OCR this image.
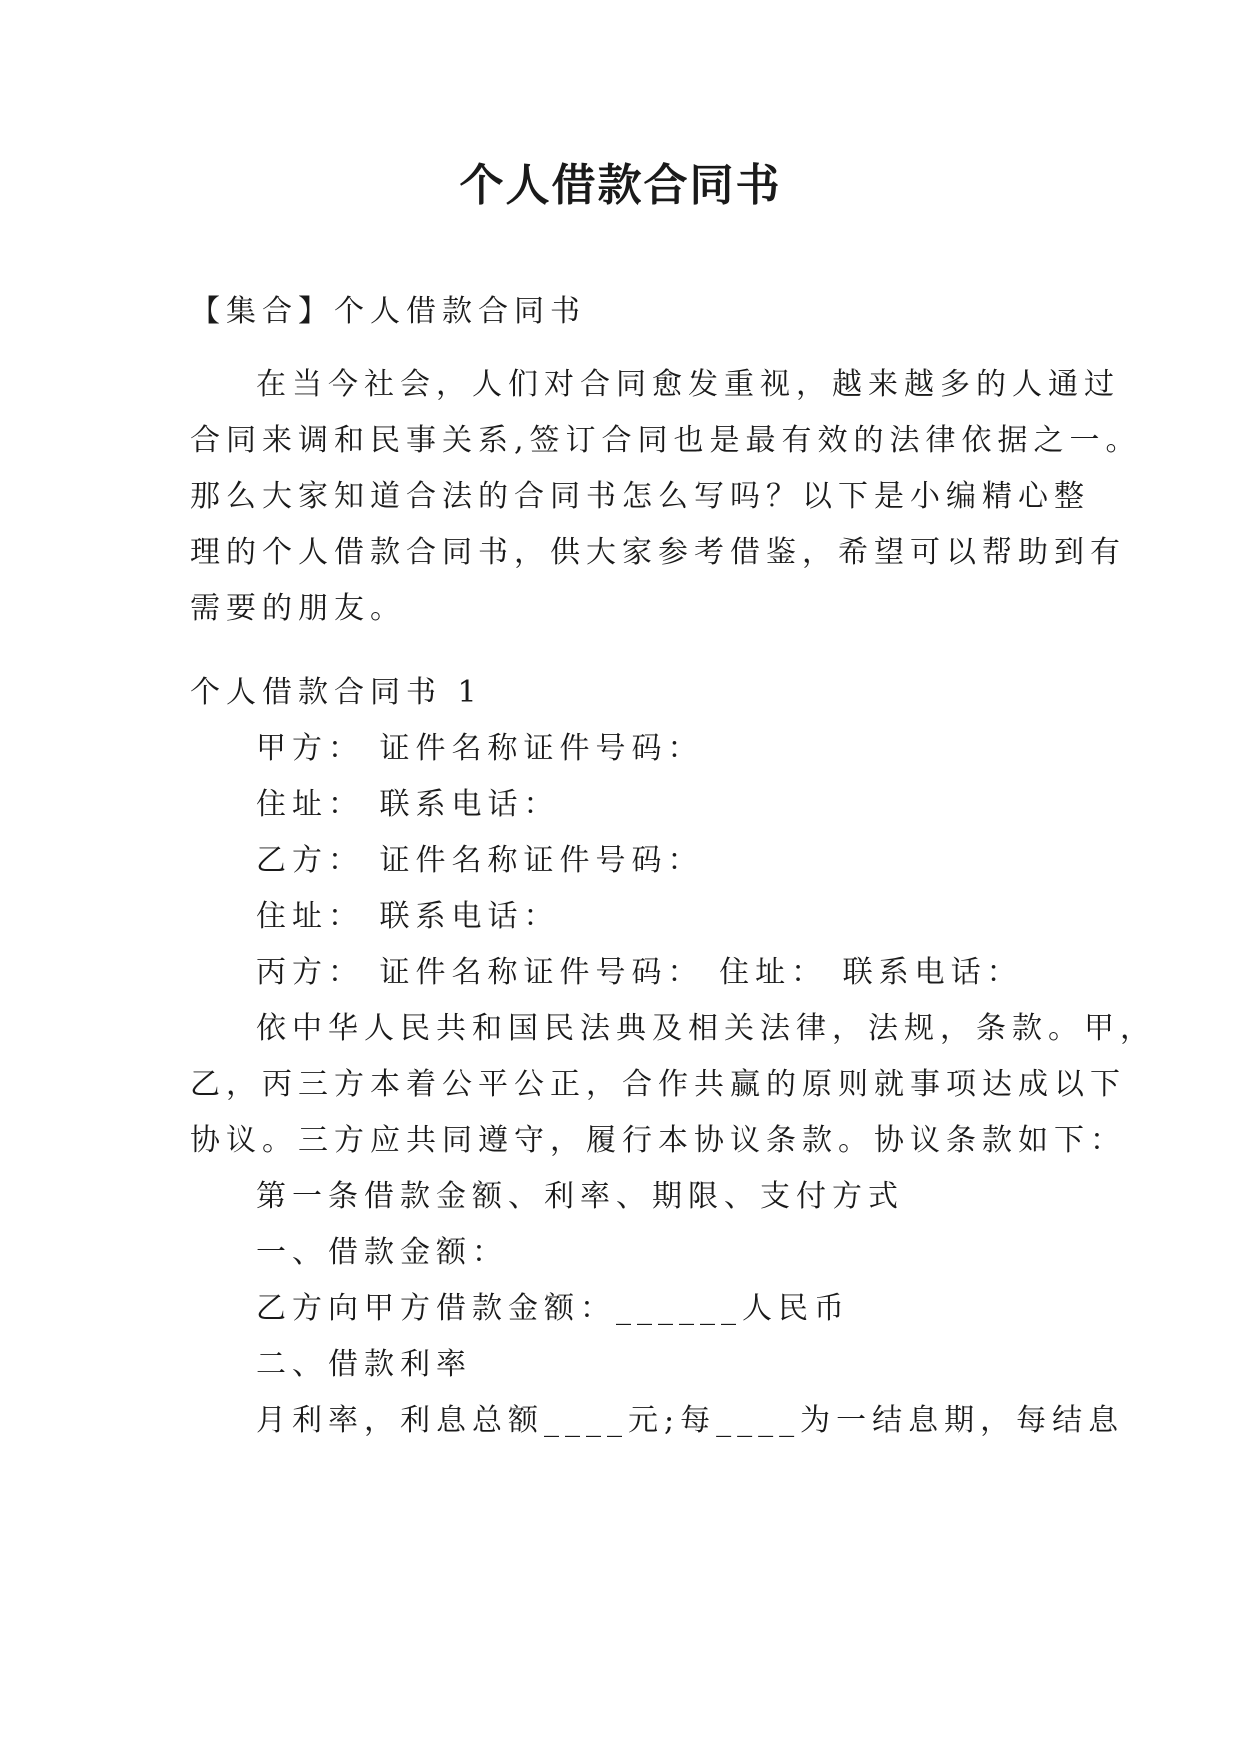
个人借款合同书
【集合】个人借款合同书
在当今社会，人们对合同愈发重视，越来越多的人通过
合同来调和民事关系,签订合同也是最有效的法律依据之一。
那么大家知道合法的合同书怎么写吗？以下是小编精心整
理的个人借款合同书，供大家参考借鉴，希望可以帮助到有
需要的朋友。
个人借款合同书 1
甲方： 证件名称证件号码：
住址： 联系电话：
乙方： 证件名称证件号码：
住址： 联系电话：
丙方： 证件名称证件号码： 住址： 联系电话：
依中华人民共和国民法典及相关法律，法规，条款。甲，
乙，丙三方本着公平公正，合作共赢的原则就事项达成以下
协议。三方应共同遵守，履行本协议条款。协议条款如下：
第一条借款金额、利率、期限、支付方式
一、借款金额：
乙方向甲方借款金额：______人民币
二、借款利率
月利率，利息总额____元;每____为一结息期，每结息
